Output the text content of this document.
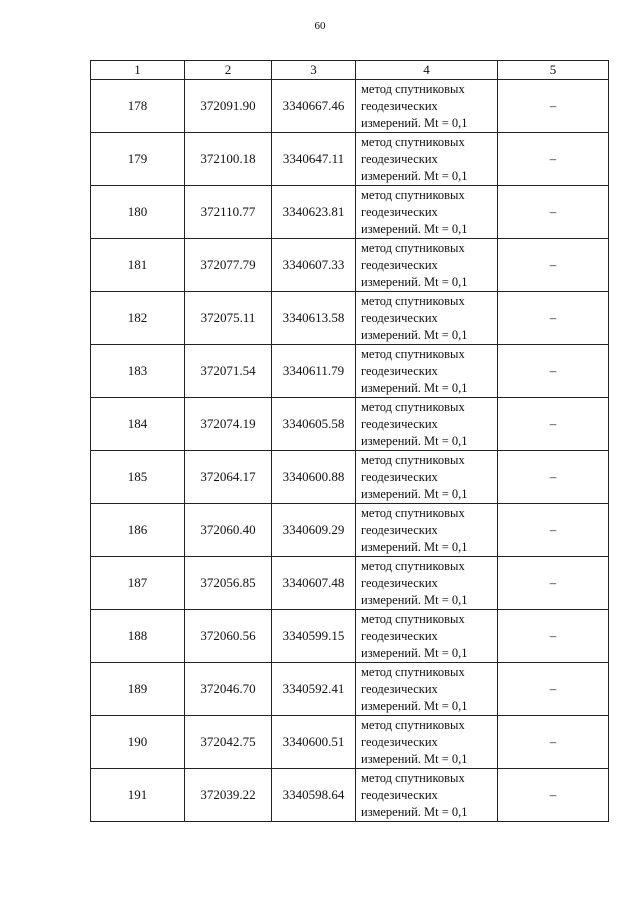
60
1	2	3	4	5
178	372091.90	3340667.46	метод спутниковых
геодезических
измерений. Mt = 0,1	–
179	372100.18	3340647.11	метод спутниковых
геодезических
измерений. Mt = 0,1	–
180	372110.77	3340623.81	метод спутниковых
геодезических
измерений. Mt = 0,1	–
181	372077.79	3340607.33	метод спутниковых
геодезических
измерений. Mt = 0,1	–
182	372075.11	3340613.58	метод спутниковых
геодезических
измерений. Mt = 0,1	–
183	372071.54	3340611.79	метод спутниковых
геодезических
измерений. Mt = 0,1	–
184	372074.19	3340605.58	метод спутниковых
геодезических
измерений. Mt = 0,1	–
185	372064.17	3340600.88	метод спутниковых
геодезических
измерений. Mt = 0,1	–
186	372060.40	3340609.29	метод спутниковых
геодезических
измерений. Mt = 0,1	–
187	372056.85	3340607.48	метод спутниковых
геодезических
измерений. Mt = 0,1	–
188	372060.56	3340599.15	метод спутниковых
геодезических
измерений. Mt = 0,1	–
189	372046.70	3340592.41	метод спутниковых
геодезических
измерений. Mt = 0,1	–
190	372042.75	3340600.51	метод спутниковых
геодезических
измерений. Mt = 0,1	–
191	372039.22	3340598.64	метод спутниковых
геодезических
измерений. Mt = 0,1	–
